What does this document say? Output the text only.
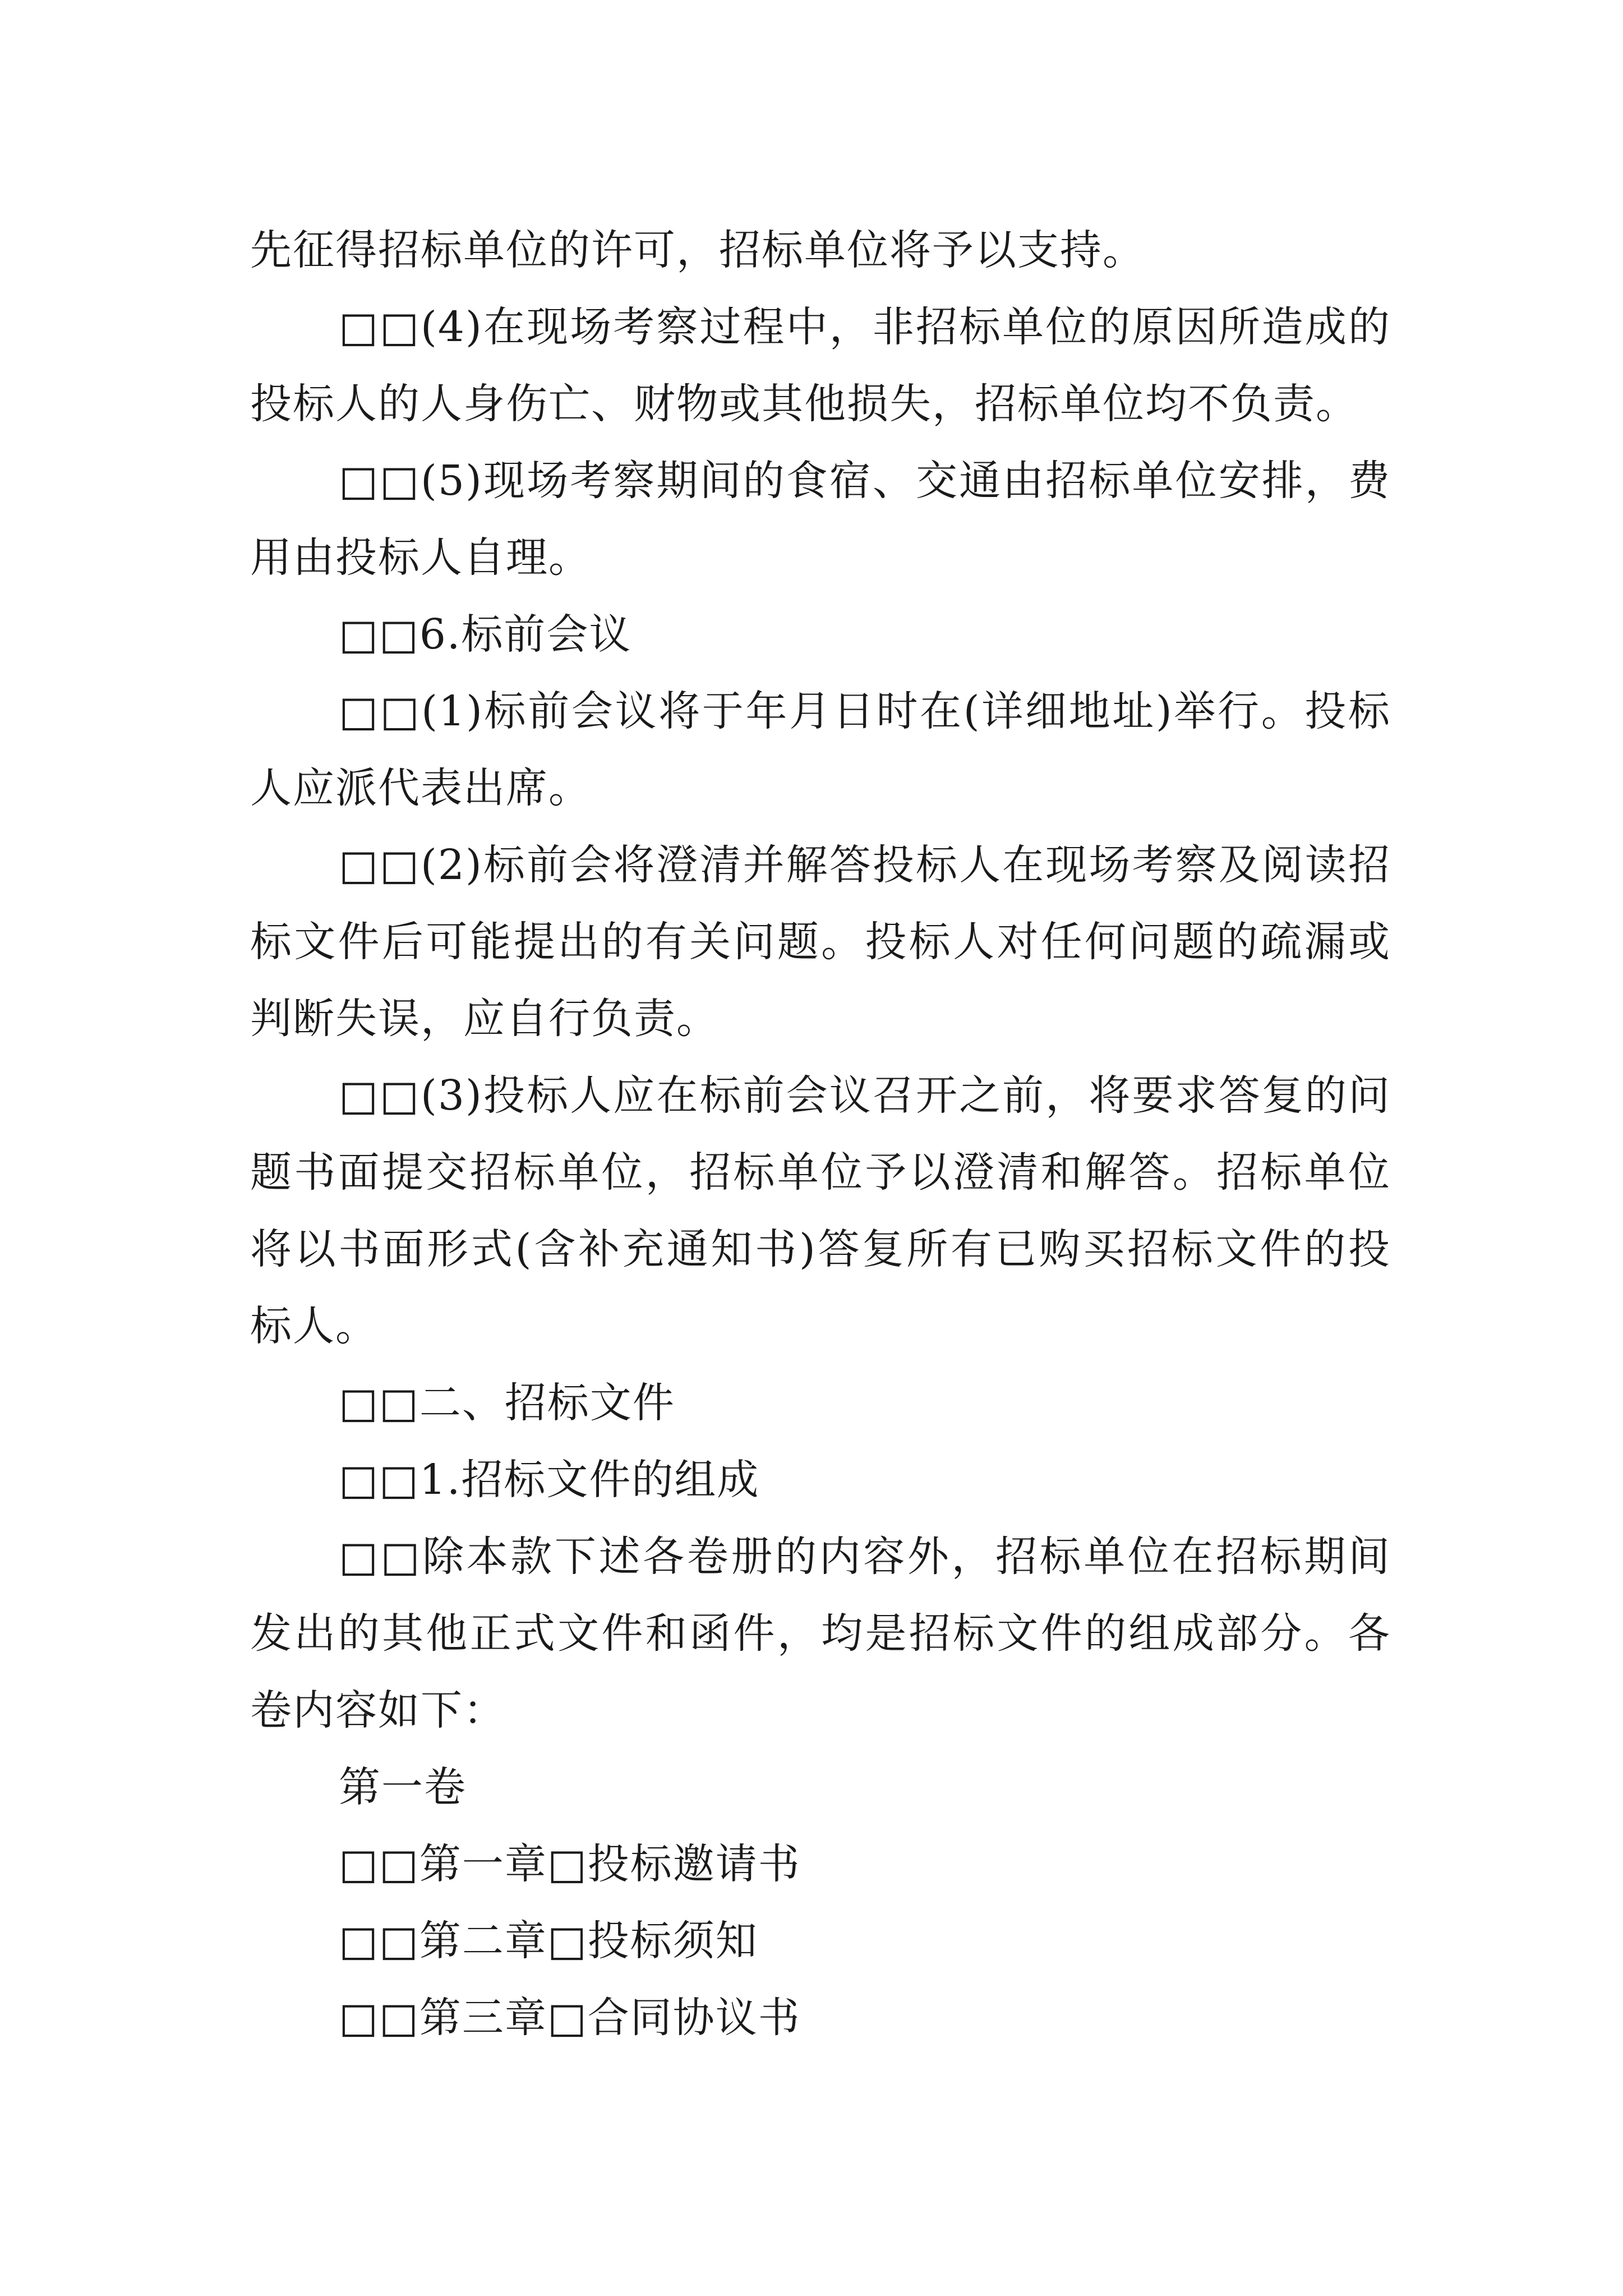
先征得招标单位的许可，招标单位将予以支持。

□□(4)在现场考察过程中，非招标单位的原因所造成的投标人的人身伤亡、财物或其他损失，招标单位均不负责。

□□(5)现场考察期间的食宿、交通由招标单位安排，费用由投标人自理。

□□6.标前会议

□□(1)标前会议将于年月日时在(详细地址)举行。投标人应派代表出席。

□□(2)标前会将澄清并解答投标人在现场考察及阅读招标文件后可能提出的有关问题。投标人对任何问题的疏漏或判断失误，应自行负责。

□□(3)投标人应在标前会议召开之前，将要求答复的问题书面提交招标单位，招标单位予以澄清和解答。招标单位将以书面形式(含补充通知书)答复所有已购买招标文件的投标人。

□□二、招标文件

□□1.招标文件的组成

□□除本款下述各卷册的内容外，招标单位在招标期间发出的其他正式文件和函件，均是招标文件的组成部分。各卷内容如下：

第一卷

□□第一章□投标邀请书

□□第二章□投标须知

□□第三章□合同协议书
